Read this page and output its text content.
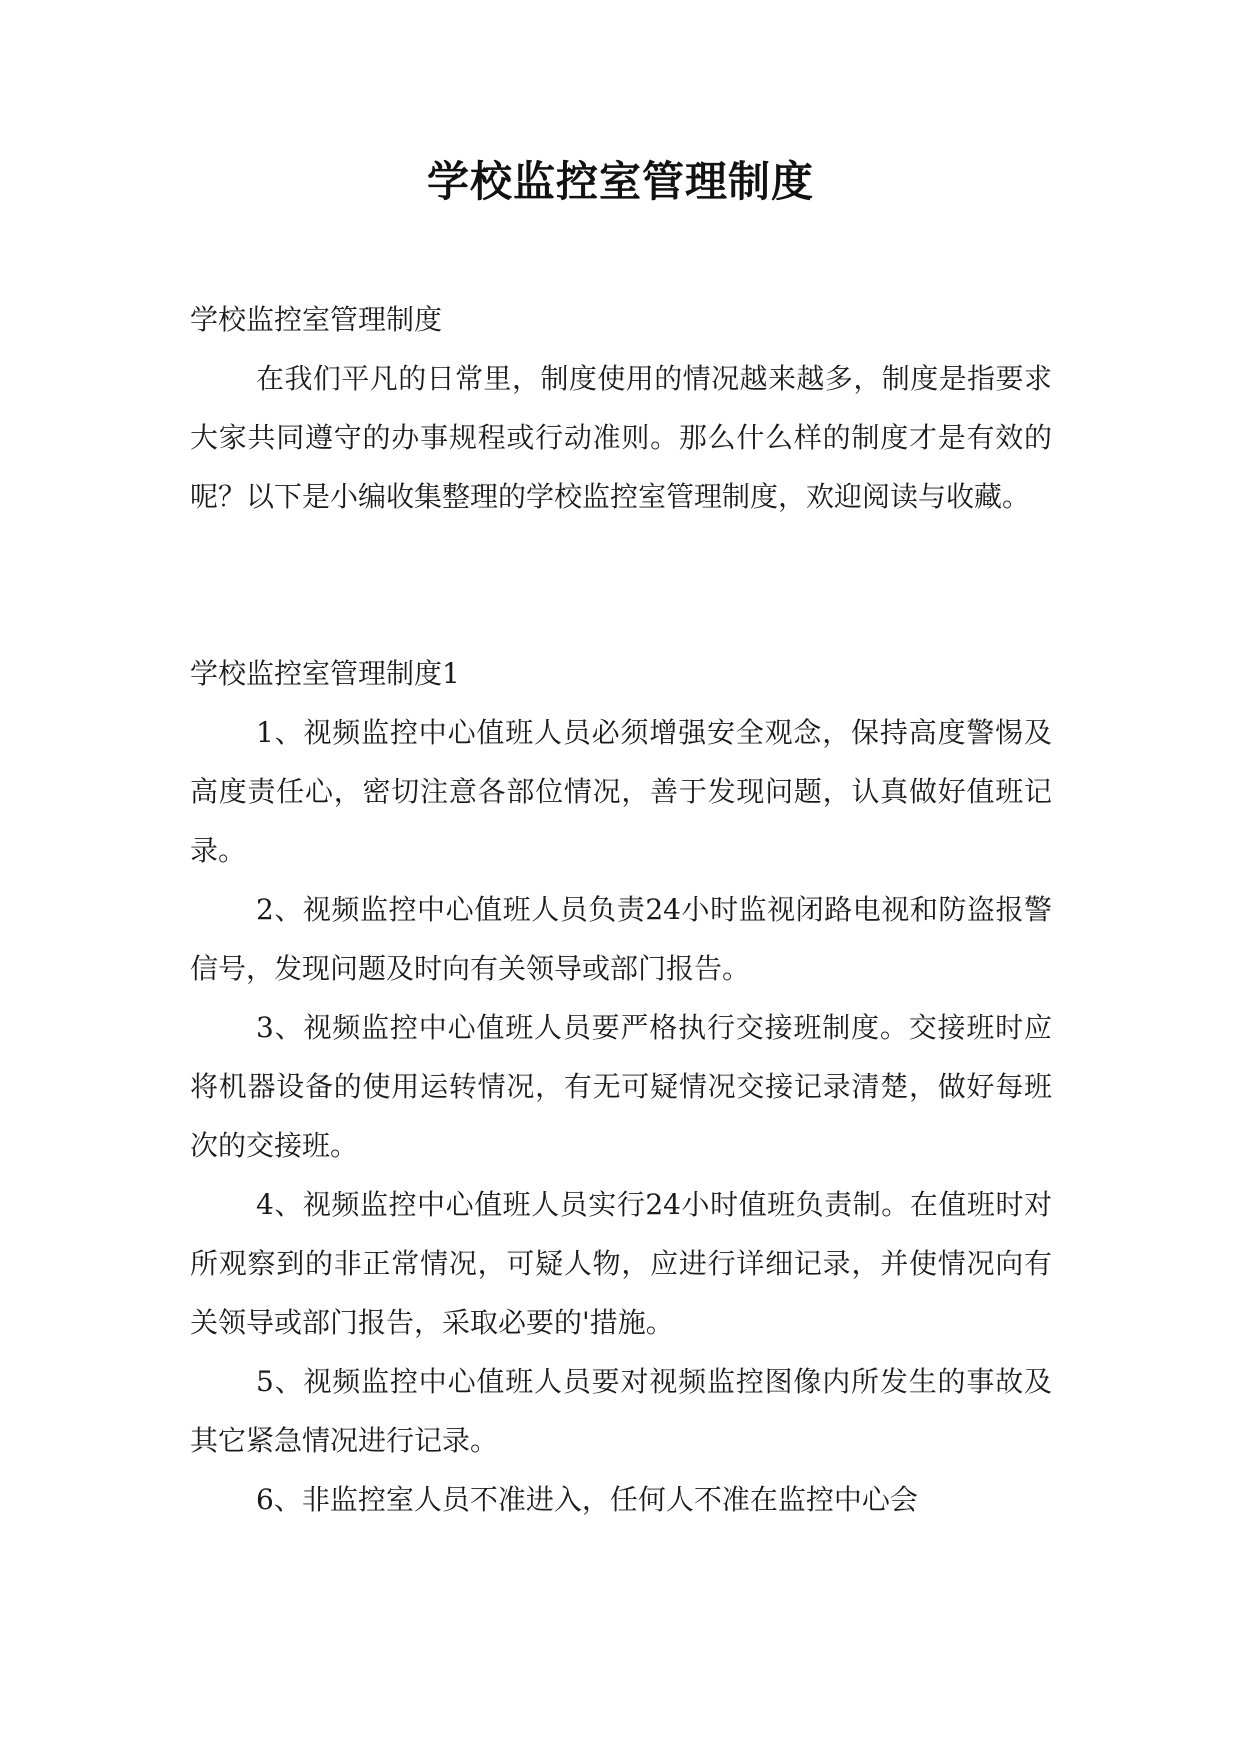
学校监控室管理制度

学校监控室管理制度

在我们平凡的日常里，制度使用的情况越来越多，制度是指要求大家共同遵守的办事规程或行动准则。那么什么样的制度才是有效的呢？以下是小编收集整理的学校监控室管理制度，欢迎阅读与收藏。

学校监控室管理制度1

1、视频监控中心值班人员必须增强安全观念，保持高度警惕及高度责任心，密切注意各部位情况，善于发现问题，认真做好值班记录。

2、视频监控中心值班人员负责24小时监视闭路电视和防盗报警信号，发现问题及时向有关领导或部门报告。

3、视频监控中心值班人员要严格执行交接班制度。交接班时应将机器设备的使用运转情况，有无可疑情况交接记录清楚，做好每班次的交接班。

4、视频监控中心值班人员实行24小时值班负责制。在值班时对所观察到的非正常情况，可疑人物，应进行详细记录，并使情况向有关领导或部门报告，采取必要的'措施。

5、视频监控中心值班人员要对视频监控图像内所发生的事故及其它紧急情况进行记录。

6、非监控室人员不准进入，任何人不准在监控中心会
